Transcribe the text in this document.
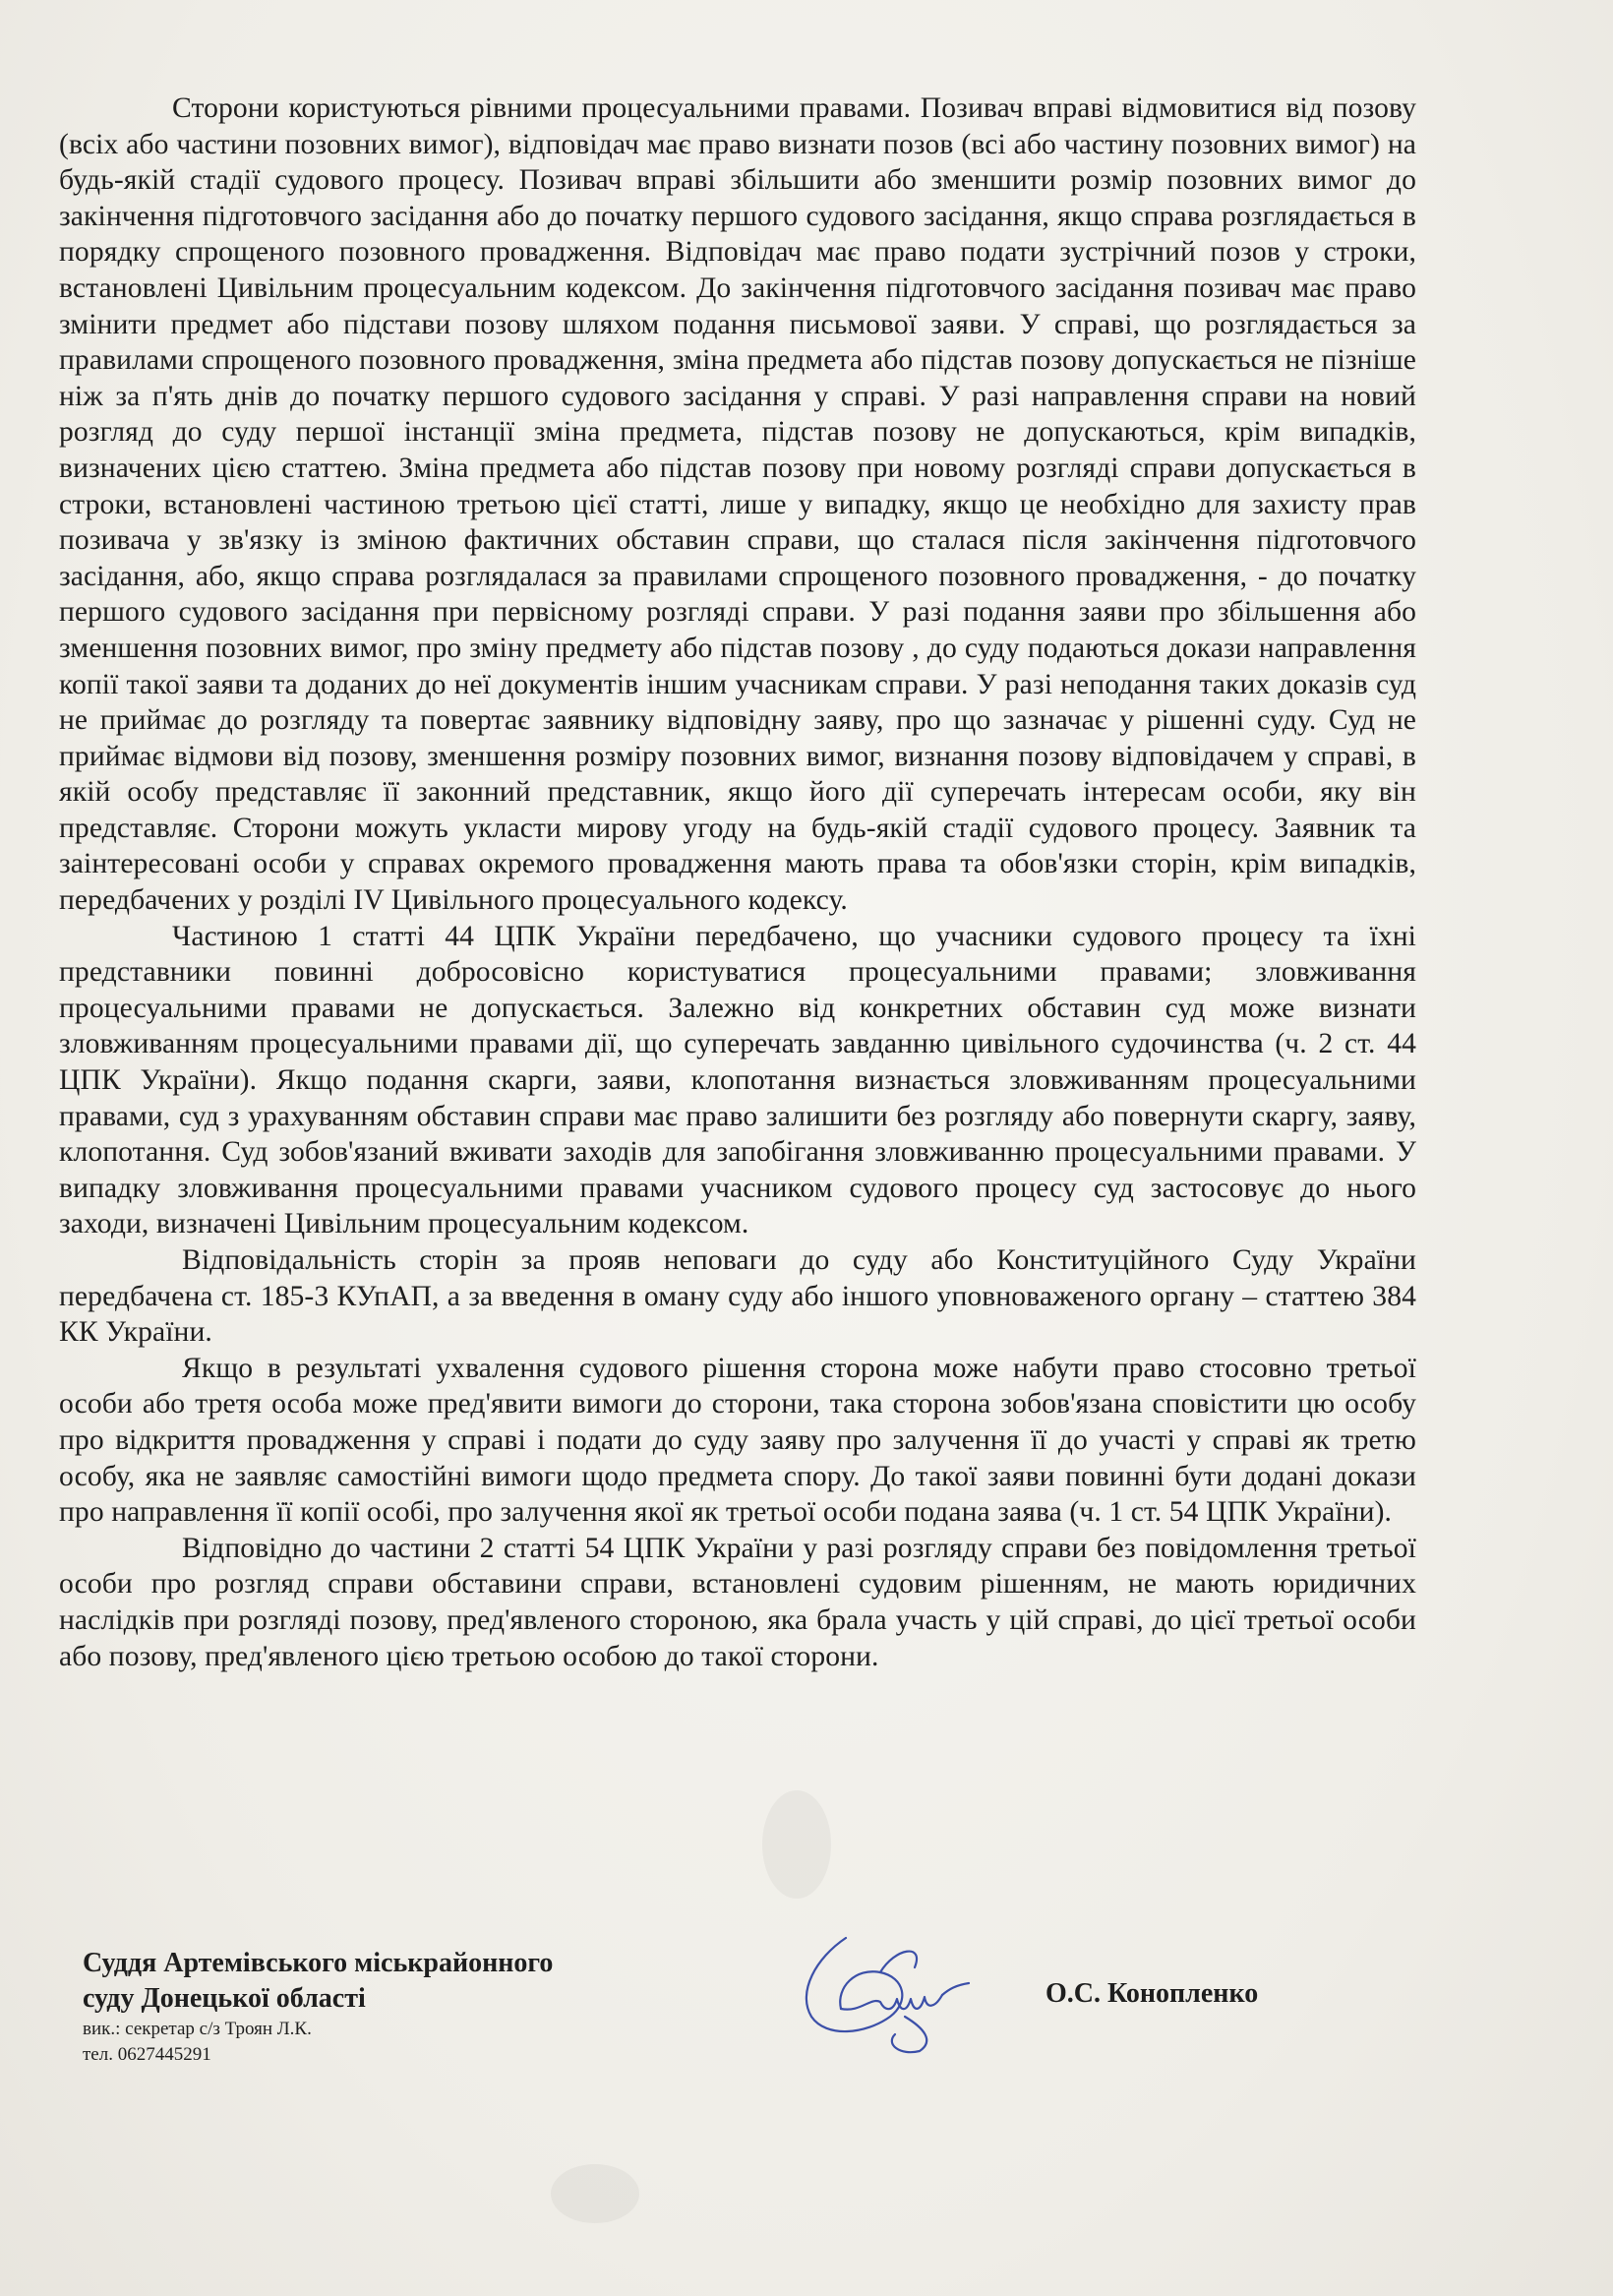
Сторони користуються рівними процесуальними правами. Позивач вправі відмовитися від позову (всіх або частини позовних вимог), відповідач має право визнати позов (всі або частину позовних вимог) на будь-якій стадії судового процесу. Позивач вправі збільшити або зменшити розмір позовних вимог до закінчення підготовчого засідання або до початку першого судового засідання, якщо справа розглядається в порядку спрощеного позовного провадження. Відповідач має право подати зустрічний позов у строки, встановлені Цивільним процесуальним кодексом. До закінчення підготовчого засідання позивач має право змінити предмет або підстави позову шляхом подання письмової заяви. У справі, що розглядається за правилами спрощеного позовного провадження, зміна предмета або підстав позову допускається не пізніше ніж за п'ять днів до початку першого судового засідання у справі. У разі направлення справи на новий розгляд до суду першої інстанції зміна предмета, підстав позову не допускаються, крім випадків, визначених цією статтею. Зміна предмета або підстав позову при новому розгляді справи допускається в строки, встановлені частиною третьою цієї статті, лише у випадку, якщо це необхідно для захисту прав позивача у зв'язку із зміною фактичних обставин справи, що сталася після закінчення підготовчого засідання, або, якщо справа розглядалася за правилами спрощеного позовного провадження, - до початку першого судового засідання при первісному розгляді справи. У разі подання заяви про збільшення або зменшення позовних вимог, про зміну предмету або підстав позову , до суду подаються докази направлення копії такої заяви та доданих до неї документів іншим учасникам справи. У разі неподання таких доказів суд не приймає до розгляду та повертає заявнику відповідну заяву, про що зазначає у рішенні суду. Суд не приймає відмови від позову, зменшення розміру позовних вимог, визнання позову відповідачем у справі, в якій особу представляє її законний представник, якщо його дії суперечать інтересам особи, яку він представляє. Сторони можуть укласти мирову угоду на будь-якій стадії судового процесу. Заявник та заінтересовані особи у справах окремого провадження мають права та обов'язки сторін, крім випадків, передбачених у розділі IV Цивільного процесуального кодексу.

Частиною 1 статті 44 ЦПК України передбачено, що учасники судового процесу та їхні представники повинні добросовісно користуватися процесуальними правами; зловживання процесуальними правами не допускається. Залежно від конкретних обставин суд може визнати зловживанням процесуальними правами дії, що суперечать завданню цивільного судочинства (ч. 2 ст. 44 ЦПК України). Якщо подання скарги, заяви, клопотання визнається зловживанням процесуальними правами, суд з урахуванням обставин справи має право залишити без розгляду або повернути скаргу, заяву, клопотання. Суд зобов'язаний вживати заходів для запобігання зловживанню процесуальними правами. У випадку зловживання процесуальними правами учасником судового процесу суд застосовує до нього заходи, визначені Цивільним процесуальним кодексом.

Відповідальність сторін за прояв неповаги до суду або Конституційного Суду України передбачена ст. 185-3 КУпАП, а за введення в оману суду або іншого уповноваженого органу – статтею 384 КК України.

Якщо в результаті ухвалення судового рішення сторона може набути право стосовно третьої особи або третя особа може пред'явити вимоги до сторони, така сторона зобов'язана сповістити цю особу про відкриття провадження у справі і подати до суду заяву про залучення її до участі у справі як третю особу, яка не заявляє самостійні вимоги щодо предмета спору. До такої заяви повинні бути додані докази про направлення її копії особі, про залучення якої як третьої особи подана заява (ч. 1 ст. 54 ЦПК України).

Відповідно до частини 2 статті 54 ЦПК України у разі розгляду справи без повідомлення третьої особи про розгляд справи обставини справи, встановлені судовим рішенням, не мають юридичних наслідків при розгляді позову, пред'явленого стороною, яка брала участь у цій справі, до цієї третьої особи або позову, пред'явленого цією третьою особою до такої сторони.

Суддя Артемівського міськрайонного

суду Донецької області

вик.: секретар с/з Троян Л.К.

тел. 0627445291

О.С. Конопленко
